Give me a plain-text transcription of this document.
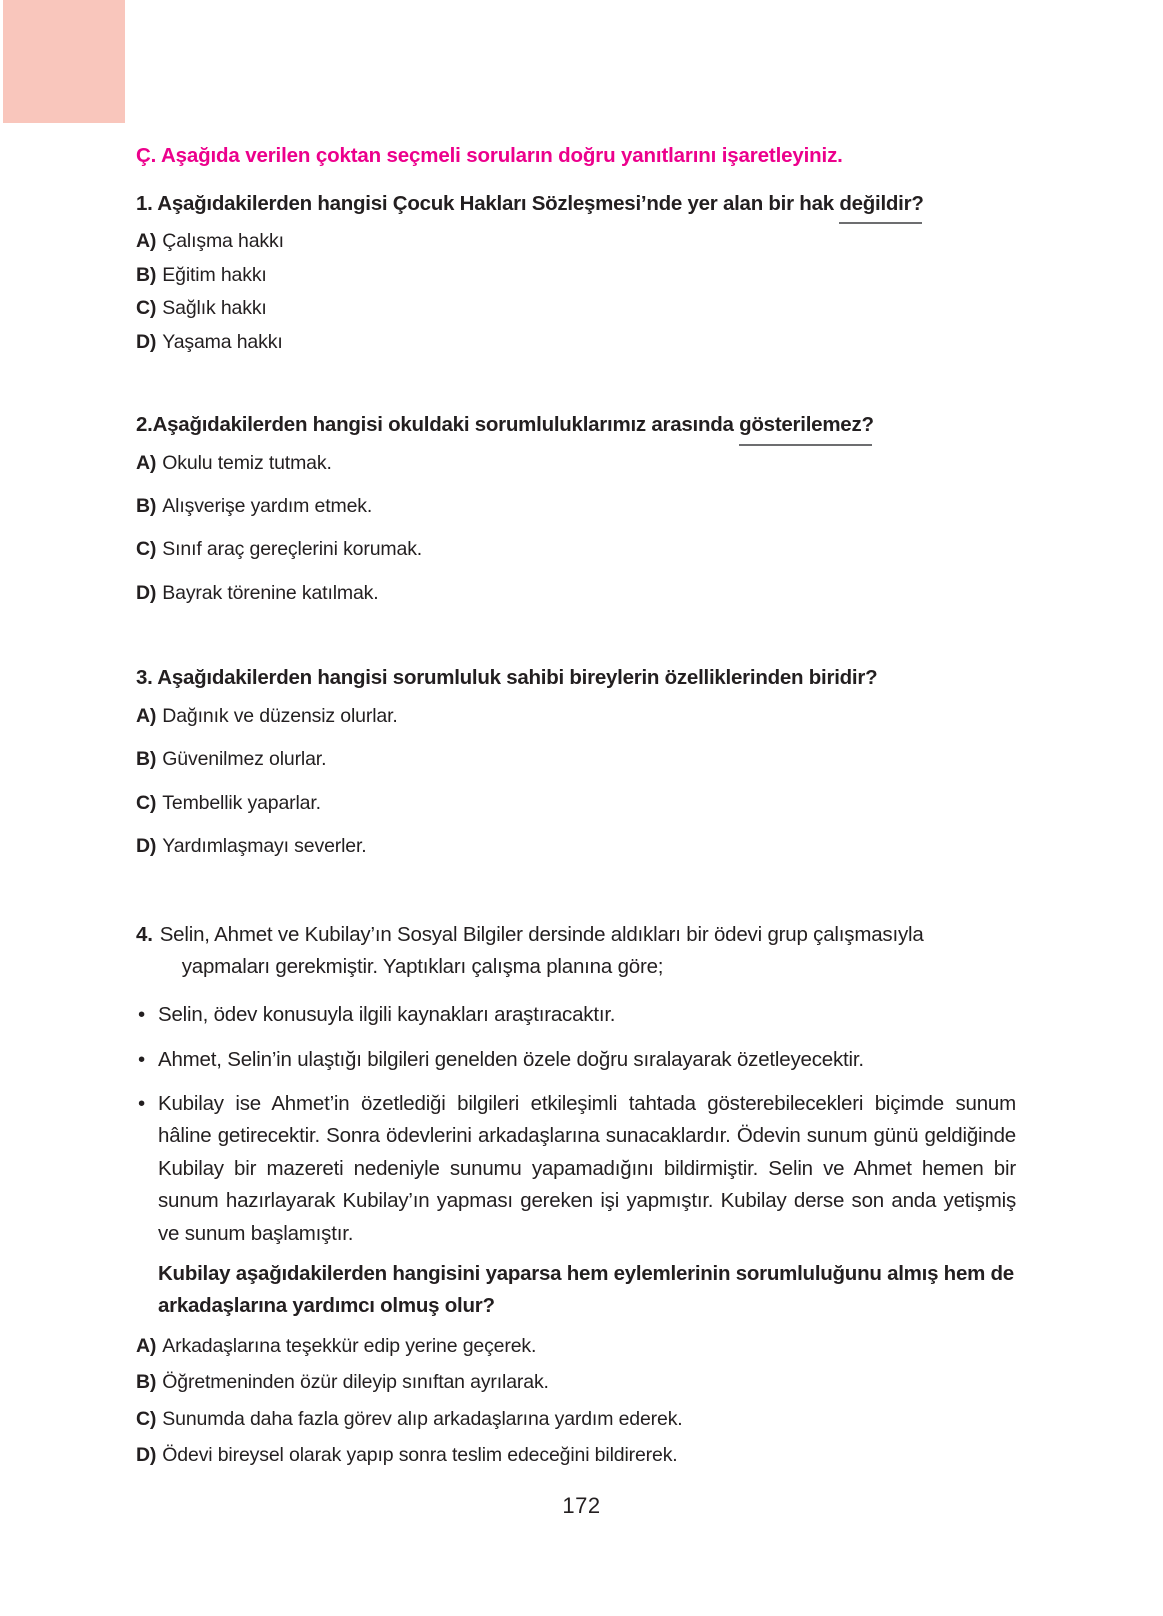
Ç. Aşağıda verilen çoktan seçmeli soruların doğru yanıtlarını işaretleyiniz.
1. Aşağıdakilerden hangisi Çocuk Hakları Sözleşmesi’nde yer alan bir hak değildir?
A) Çalışma hakkı
B) Eğitim hakkı
C) Sağlık hakkı
D) Yaşama hakkı
2.Aşağıdakilerden hangisi okuldaki sorumluluklarımız arasında gösterilemez?
A) Okulu temiz tutmak.
B) Alışverişe yardım etmek.
C) Sınıf araç gereçlerini korumak.
D) Bayrak törenine katılmak.
3. Aşağıdakilerden hangisi sorumluluk sahibi bireylerin özelliklerinden biridir?
A) Dağınık ve düzensiz olurlar.
B) Güvenilmez olurlar.
C) Tembellik yaparlar.
D) Yardımlaşmayı severler.
4. Selin, Ahmet ve Kubilay’ın Sosyal Bilgiler dersinde aldıkları bir ödevi grup çalışmasıyla
yapmaları gerekmiştir. Yaptıkları çalışma planına göre;
• Selin, ödev konusuyla ilgili kaynakları araştıracaktır.
• Ahmet, Selin’in ulaştığı bilgileri genelden özele doğru sıralayarak özetleyecektir.
• Kubilay ise Ahmet’in özetlediği bilgileri etkileşimli tahtada gösterebilecekleri biçimde sunum hâline getirecektir. Sonra ödevlerini arkadaşlarına sunacaklardır. Ödevin sunum günü geldiğinde Kubilay bir mazereti nedeniyle sunumu yapamadığını bildirmiştir. Selin ve Ahmet hemen bir sunum hazırlayarak Kubilay’ın yapması gereken işi yapmıştır. Kubilay derse son anda yetişmiş ve sunum başlamıştır.
Kubilay aşağıdakilerden hangisini yaparsa hem eylemlerinin sorumluluğunu almış hem de arkadaşlarına yardımcı olmuş olur?
A) Arkadaşlarına teşekkür edip yerine geçerek.
B) Öğretmeninden özür dileyip sınıftan ayrılarak.
C) Sunumda daha fazla görev alıp arkadaşlarına yardım ederek.
D) Ödevi bireysel olarak yapıp sonra teslim edeceğini bildirerek.
172
